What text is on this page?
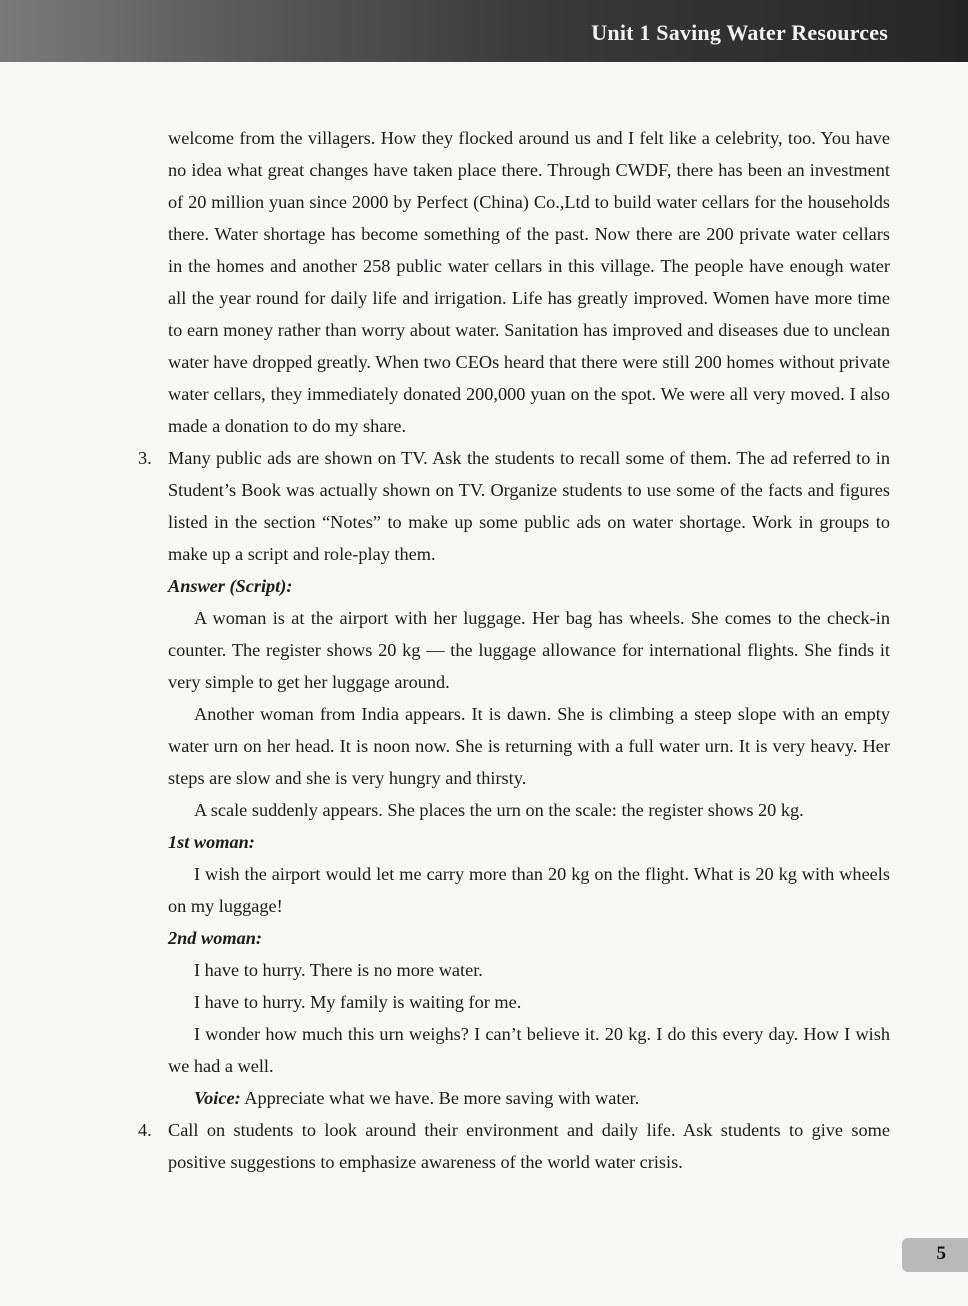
Unit 1 Saving Water Resources

welcome from the villagers. How they flocked around us and I felt like a celebrity, too. You have no idea what great changes have taken place there. Through CWDF, there has been an investment of 20 million yuan since 2000 by Perfect (China) Co.,Ltd to build water cellars for the households there. Water shortage has become something of the past. Now there are 200 private water cellars in the homes and another 258 public water cellars in this village. The people have enough water all the year round for daily life and irrigation. Life has greatly improved. Women have more time to earn money rather than worry about water. Sanitation has improved and diseases due to unclean water have dropped greatly. When two CEOs heard that there were still 200 homes without private water cellars, they immediately donated 200,000 yuan on the spot. We were all very moved. I also made a donation to do my share.

3. Many public ads are shown on TV. Ask the students to recall some of them. The ad referred to in Student’s Book was actually shown on TV. Organize students to use some of the facts and figures listed in the section “Notes” to make up some public ads on water shortage. Work in groups to make up a script and role-play them.

Answer (Script):

A woman is at the airport with her luggage. Her bag has wheels. She comes to the check-in counter. The register shows 20 kg — the luggage allowance for international flights. She finds it very simple to get her luggage around.

Another woman from India appears. It is dawn. She is climbing a steep slope with an empty water urn on her head. It is noon now. She is returning with a full water urn. It is very heavy. Her steps are slow and she is very hungry and thirsty.

A scale suddenly appears. She places the urn on the scale: the register shows 20 kg.

1st woman:

I wish the airport would let me carry more than 20 kg on the flight. What is 20 kg with wheels on my luggage!

2nd woman:

I have to hurry. There is no more water.

I have to hurry. My family is waiting for me.

I wonder how much this urn weighs? I can’t believe it. 20 kg. I do this every day. How I wish we had a well.

Voice: Appreciate what we have. Be more saving with water.

4. Call on students to look around their environment and daily life. Ask students to give some positive suggestions to emphasize awareness of the world water crisis.

5
